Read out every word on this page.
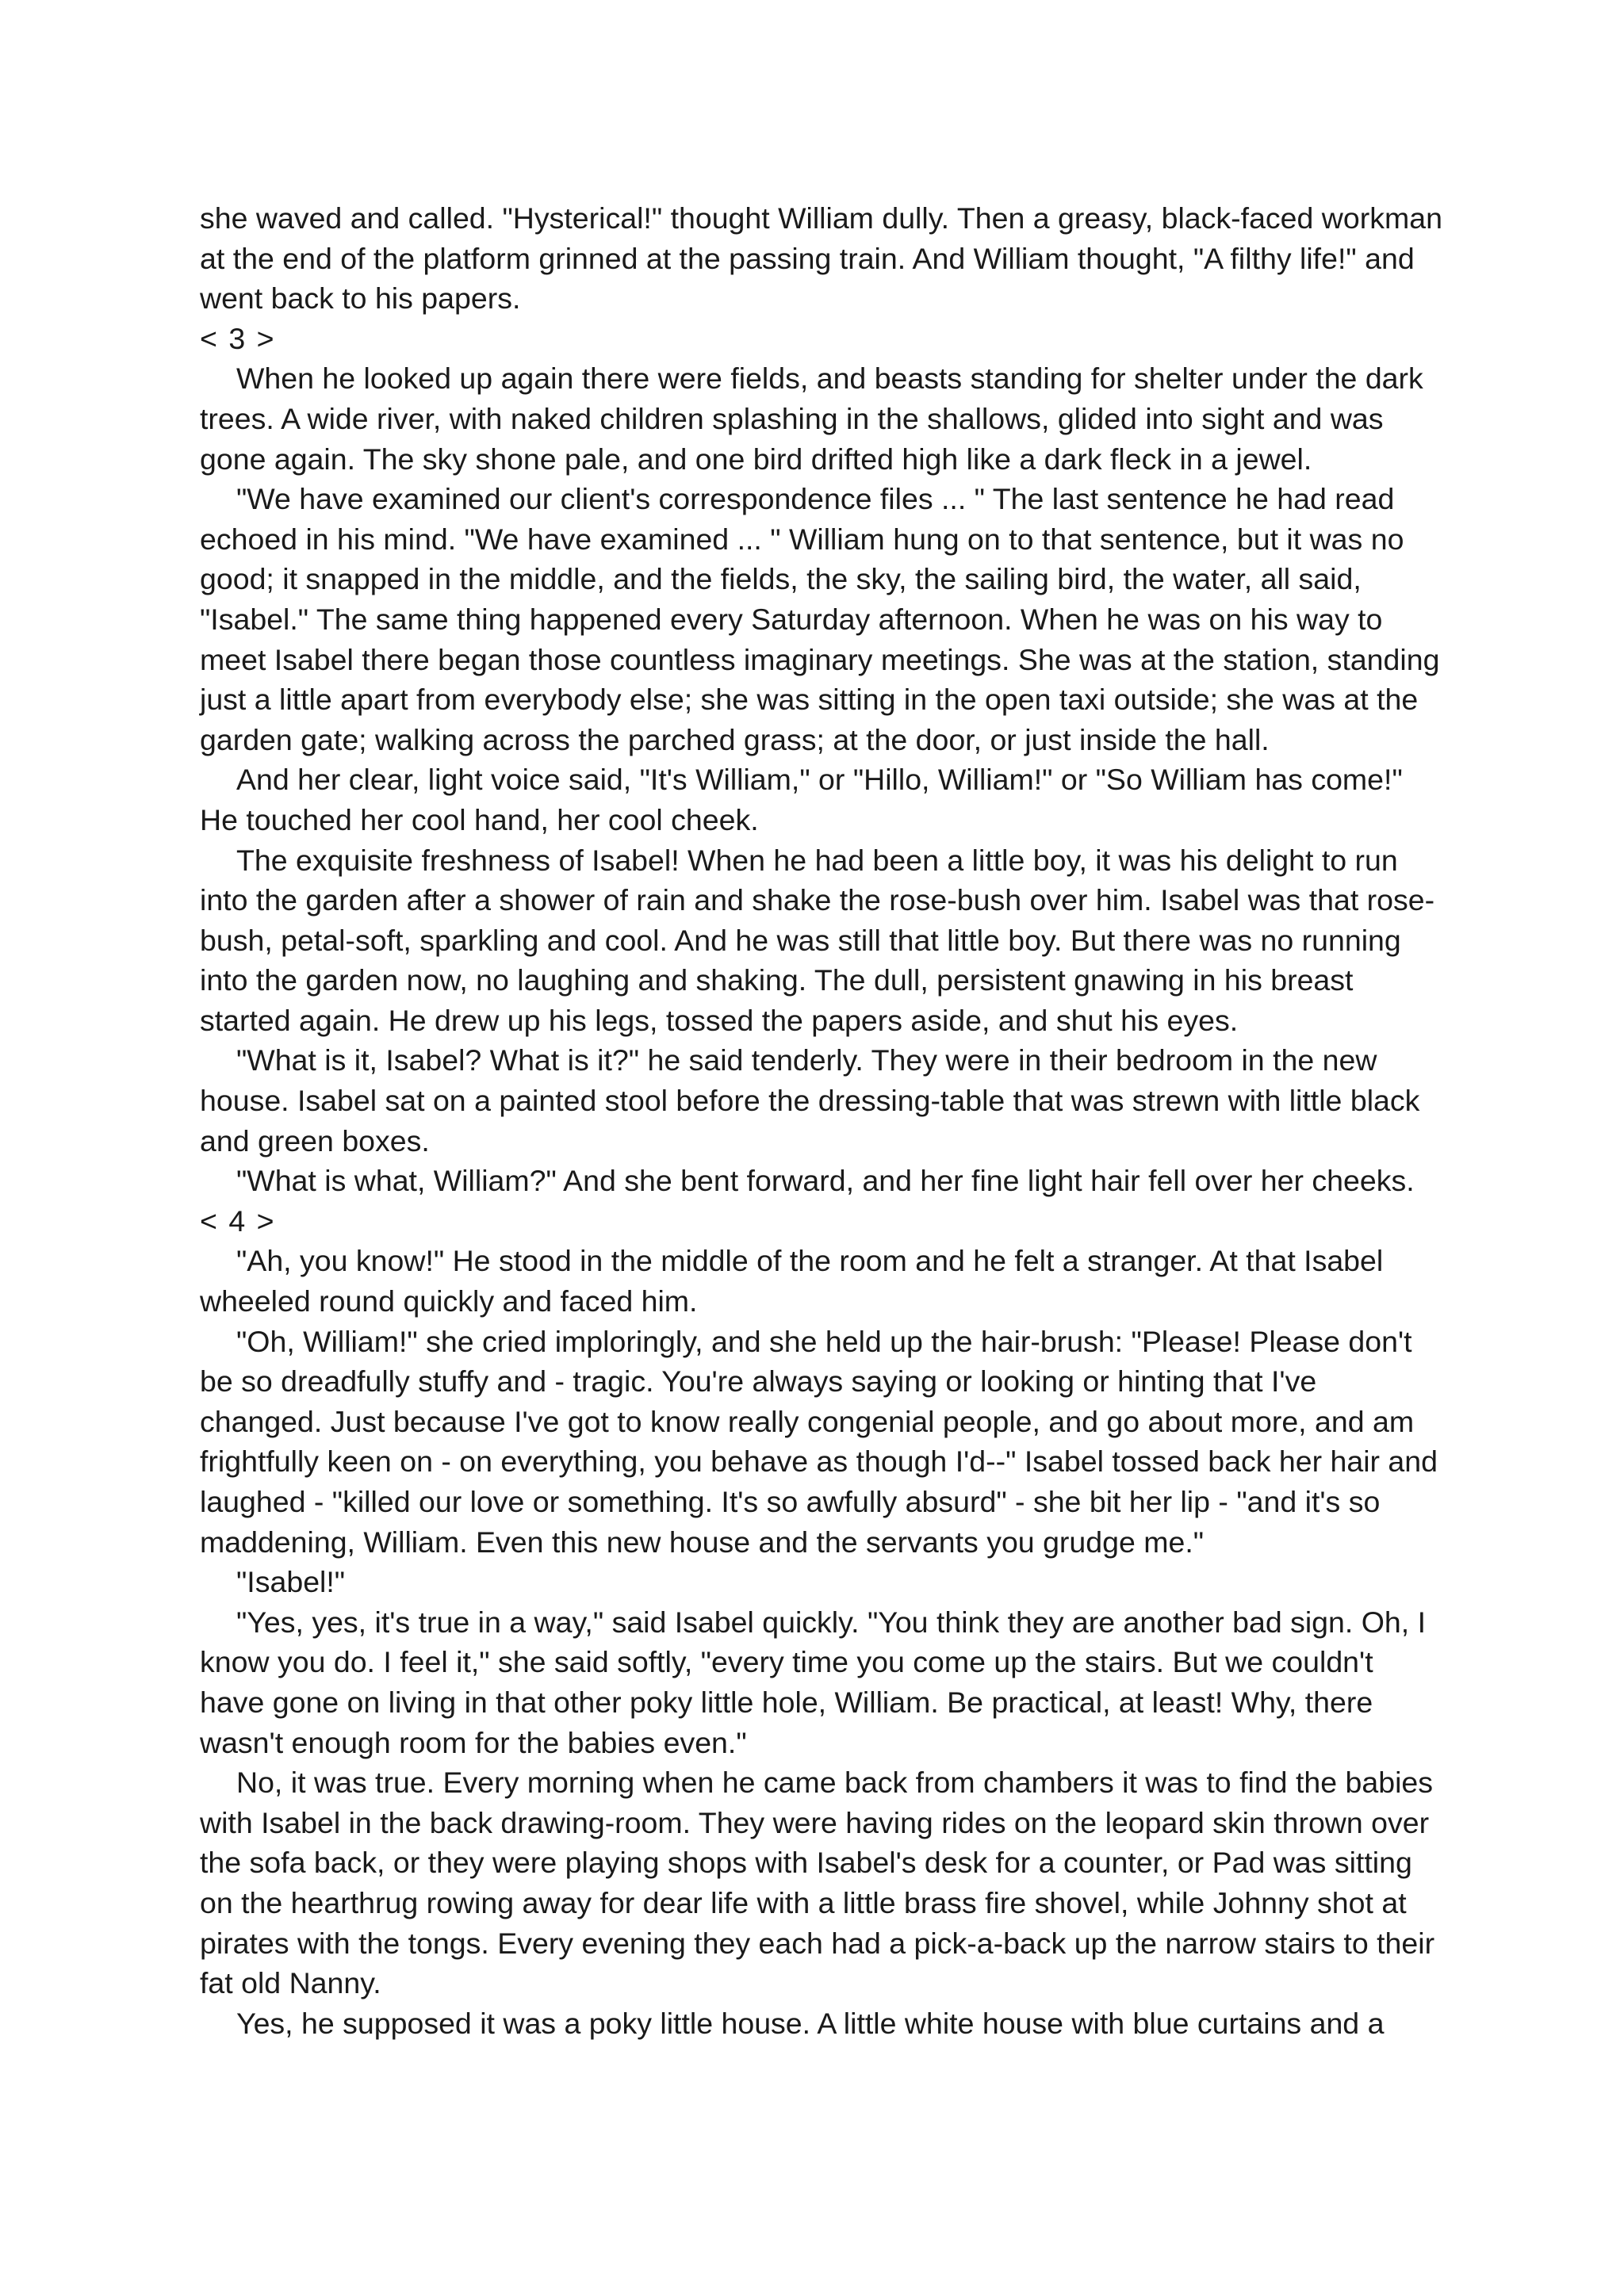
she waved and called. "Hysterical!" thought William dully. Then a greasy, black-faced workman at the end of the platform grinned at the passing train. And William thought, "A filthy life!" and went back to his papers.

< 3 >

When he looked up again there were fields, and beasts standing for shelter under the dark trees. A wide river, with naked children splashing in the shallows, glided into sight and was gone again. The sky shone pale, and one bird drifted high like a dark fleck in a jewel.

"We have examined our client's correspondence files ... " The last sentence he had read echoed in his mind. "We have examined ... " William hung on to that sentence, but it was no good; it snapped in the middle, and the fields, the sky, the sailing bird, the water, all said, "Isabel." The same thing happened every Saturday afternoon. When he was on his way to meet Isabel there began those countless imaginary meetings. She was at the station, standing just a little apart from everybody else; she was sitting in the open taxi outside; she was at the garden gate; walking across the parched grass; at the door, or just inside the hall.

And her clear, light voice said, "It's William," or "Hillo, William!" or "So William has come!" He touched her cool hand, her cool cheek.

The exquisite freshness of Isabel! When he had been a little boy, it was his delight to run into the garden after a shower of rain and shake the rose-bush over him. Isabel was that rose-bush, petal-soft, sparkling and cool. And he was still that little boy. But there was no running into the garden now, no laughing and shaking. The dull, persistent gnawing in his breast started again. He drew up his legs, tossed the papers aside, and shut his eyes.

"What is it, Isabel? What is it?" he said tenderly. They were in their bedroom in the new house. Isabel sat on a painted stool before the dressing-table that was strewn with little black and green boxes.

"What is what, William?" And she bent forward, and her fine light hair fell over her cheeks.

< 4 >

"Ah, you know!" He stood in the middle of the room and he felt a stranger. At that Isabel wheeled round quickly and faced him.

"Oh, William!" she cried imploringly, and she held up the hair-brush: "Please! Please don't be so dreadfully stuffy and - tragic. You're always saying or looking or hinting that I've changed. Just because I've got to know really congenial people, and go about more, and am frightfully keen on - on everything, you behave as though I'd--" Isabel tossed back her hair and laughed - "killed our love or something. It's so awfully absurd" - she bit her lip - "and it's so maddening, William. Even this new house and the servants you grudge me."

"Isabel!"

"Yes, yes, it's true in a way," said Isabel quickly. "You think they are another bad sign. Oh, I know you do. I feel it," she said softly, "every time you come up the stairs. But we couldn't have gone on living in that other poky little hole, William. Be practical, at least! Why, there wasn't enough room for the babies even."

No, it was true. Every morning when he came back from chambers it was to find the babies with Isabel in the back drawing-room. They were having rides on the leopard skin thrown over the sofa back, or they were playing shops with Isabel's desk for a counter, or Pad was sitting on the hearthrug rowing away for dear life with a little brass fire shovel, while Johnny shot at pirates with the tongs. Every evening they each had a pick-a-back up the narrow stairs to their fat old Nanny.

Yes, he supposed it was a poky little house. A little white house with blue curtains and a
